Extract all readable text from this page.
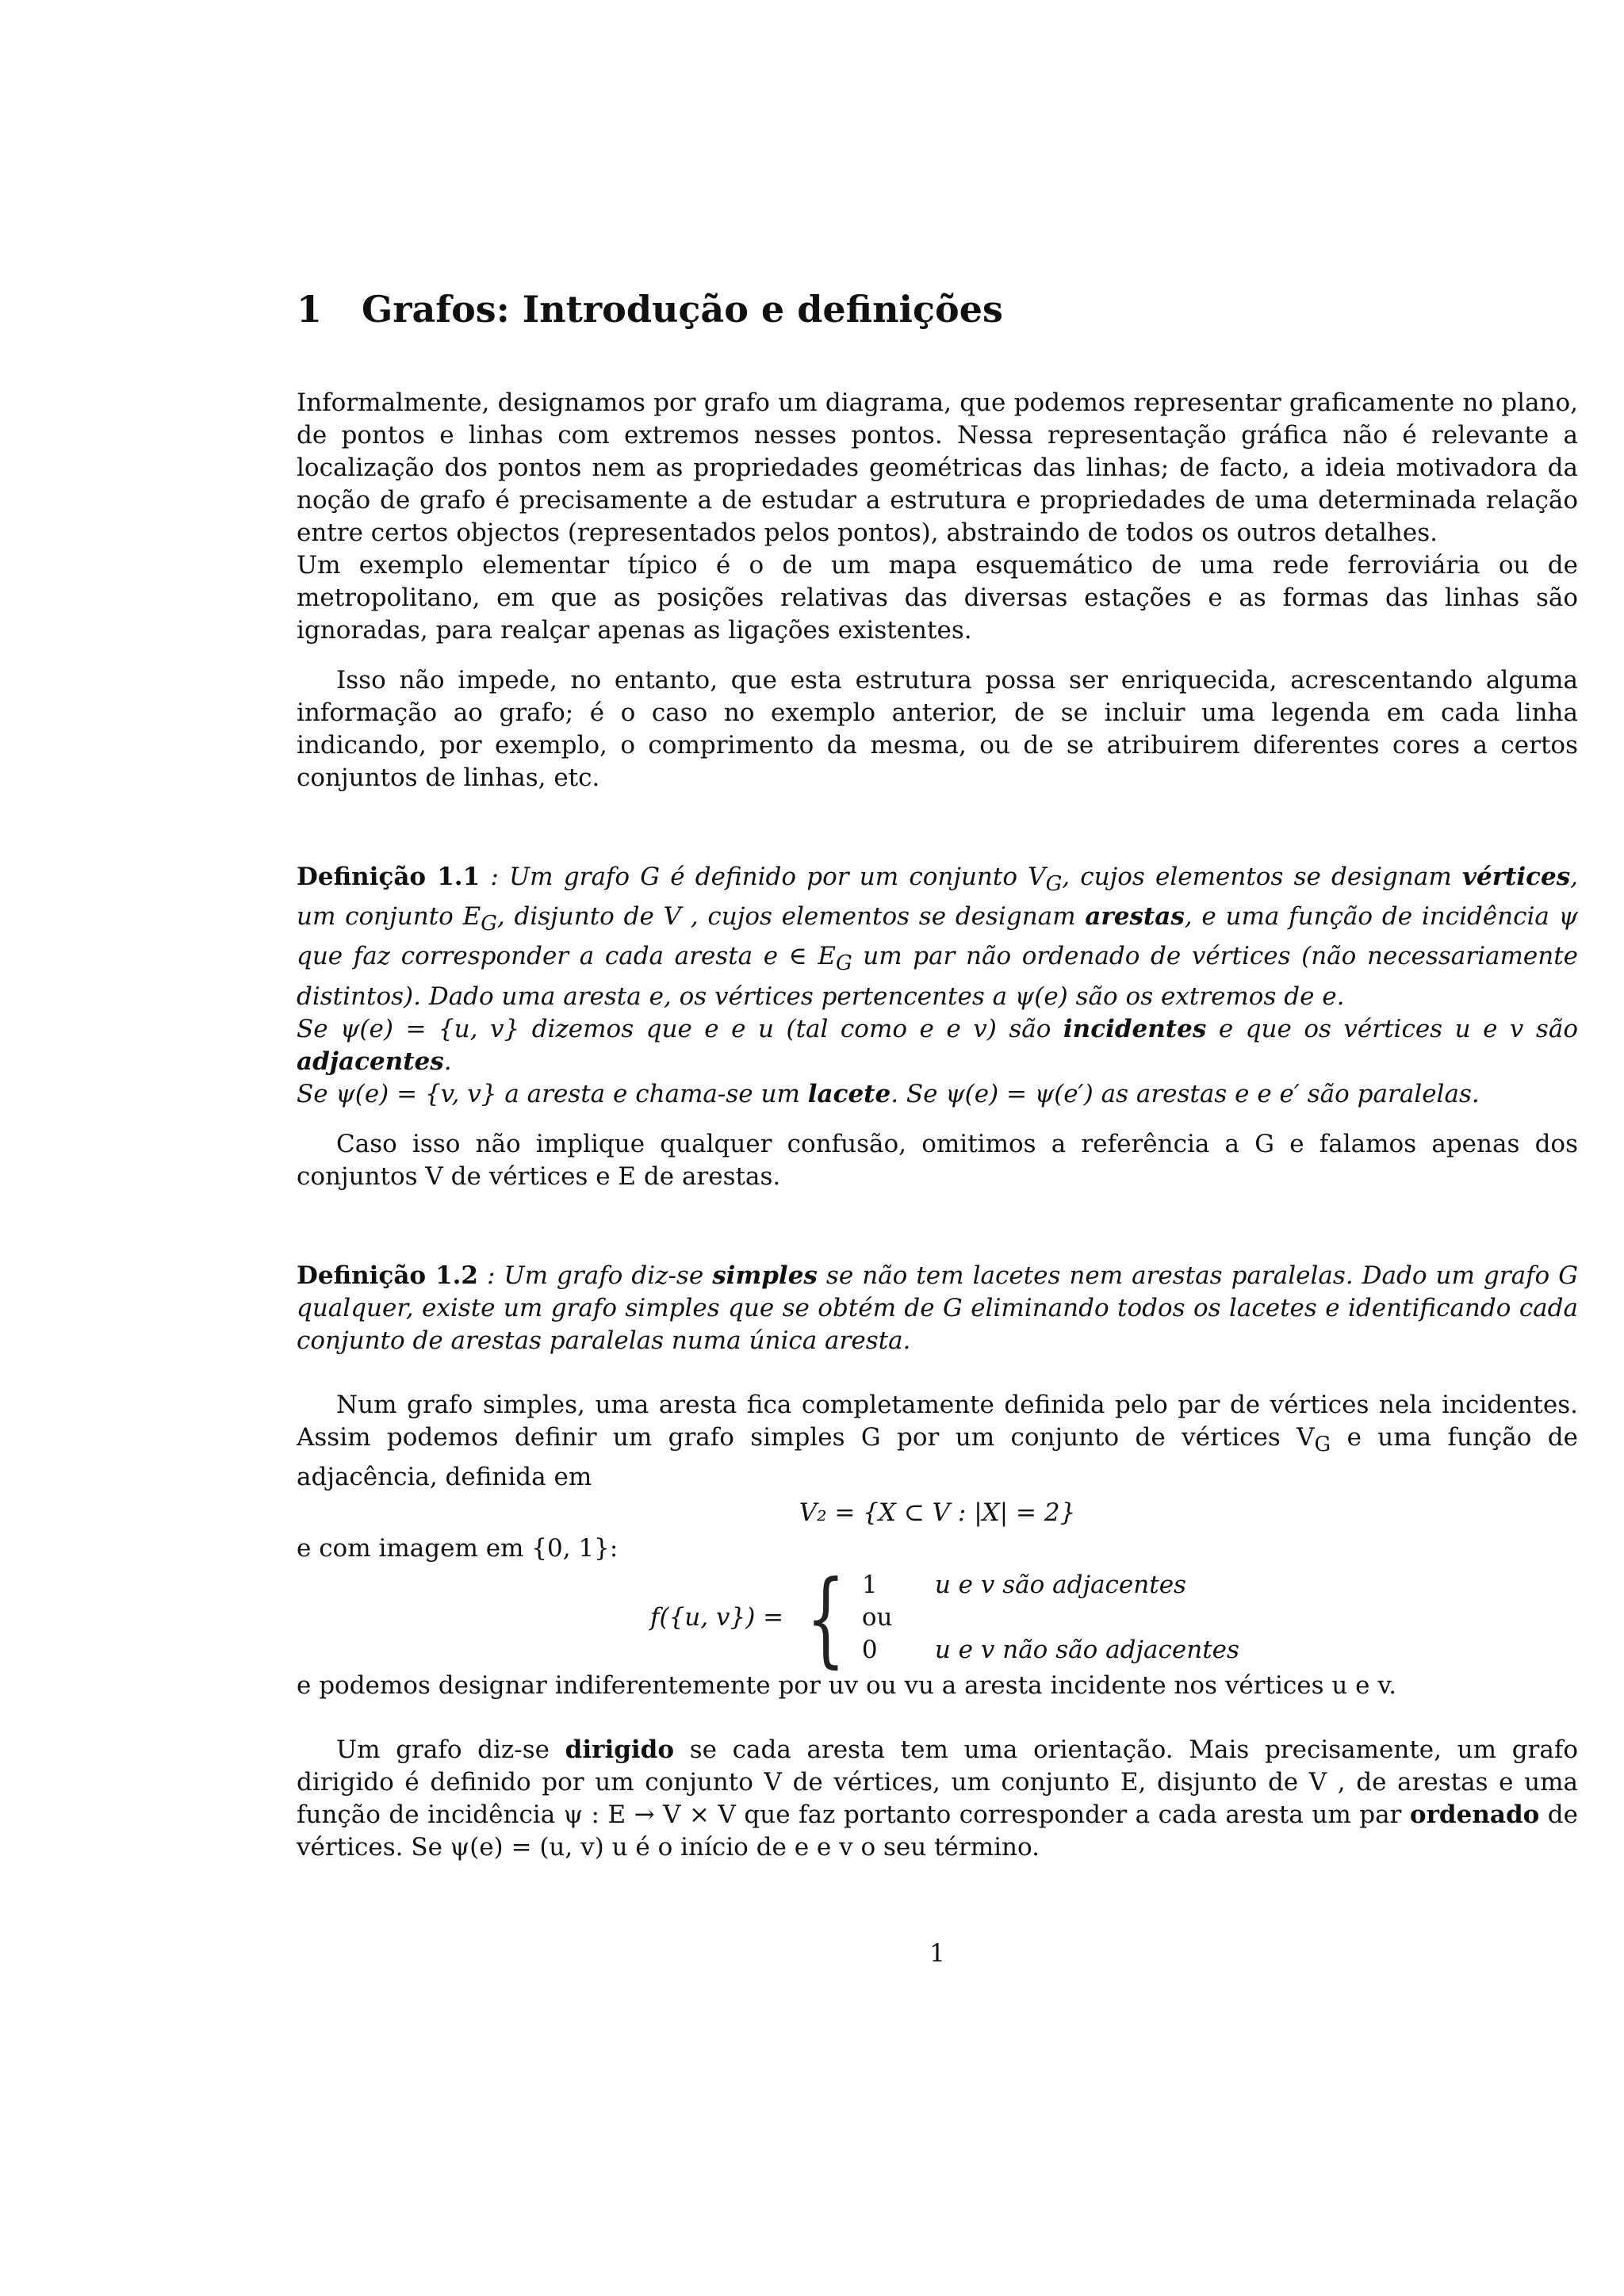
1 Grafos: Introdução e definições

Informalmente, designamos por grafo um diagrama, que podemos representar graficamente no plano, de pontos e linhas com extremos nesses pontos. Nessa representação gráfica não é relevante a localização dos pontos nem as propriedades geométricas das linhas; de facto, a ideia motivadora da noção de grafo é precisamente a de estudar a estrutura e propriedades de uma determinada relação entre certos objectos (representados pelos pontos), abstraindo de todos os outros detalhes.

Um exemplo elementar típico é o de um mapa esquemático de uma rede ferroviária ou de metropolitano, em que as posições relativas das diversas estações e as formas das linhas são ignoradas, para realçar apenas as ligações existentes.

Isso não impede, no entanto, que esta estrutura possa ser enriquecida, acrescentando alguma informação ao grafo; é o caso no exemplo anterior, de se incluir uma legenda em cada linha indicando, por exemplo, o comprimento da mesma, ou de se atribuirem diferentes cores a certos conjuntos de linhas, etc.

Definição 1.1 : Um grafo G é definido por um conjunto $V_G$, cujos elementos se designam vértices, um conjunto $E_G$, disjunto de V , cujos elementos se designam arestas, e uma função de incidência ψ que faz corresponder a cada aresta e ∈ $E_G$ um par não ordenado de vértices (não necessariamente distintos). Dado uma aresta e, os vértices pertencentes a ψ(e) são os extremos de e.

Se ψ(e) = {u, v} dizemos que e e u (tal como e e v) são incidentes e que os vértices u e v são adjacentes.

Se ψ(e) = {v, v} a aresta e chama-se um lacete. Se ψ(e) = ψ(e′) as arestas e e e′ são paralelas.

Caso isso não implique qualquer confusão, omitimos a referência a G e falamos apenas dos conjuntos V de vértices e E de arestas.

Definição 1.2 : Um grafo diz-se simples se não tem lacetes nem arestas paralelas. Dado um grafo G qualquer, existe um grafo simples que se obtém de G eliminando todos os lacetes e identificando cada conjunto de arestas paralelas numa única aresta.

Num grafo simples, uma aresta fica completamente definida pelo par de vértices nela incidentes. Assim podemos definir um grafo simples G por um conjunto de vértices $V_G$ e uma função de adjacência, definida em

V₂ = {X ⊂ V : |X| = 2}

e com imagem em {0, 1}:

f({u, v}) = { 1	u e v são adjacentes
ou
0	u e v não são adjacentes

e podemos designar indiferentemente por uv ou vu a aresta incidente nos vértices u e v.

Um grafo diz-se dirigido se cada aresta tem uma orientação. Mais precisamente, um grafo dirigido é definido por um conjunto V de vértices, um conjunto E, disjunto de V , de arestas e uma função de incidência ψ : E → V × V que faz portanto corresponder a cada aresta um par ordenado de vértices. Se ψ(e) = (u, v) u é o início de e e v o seu término.

1
